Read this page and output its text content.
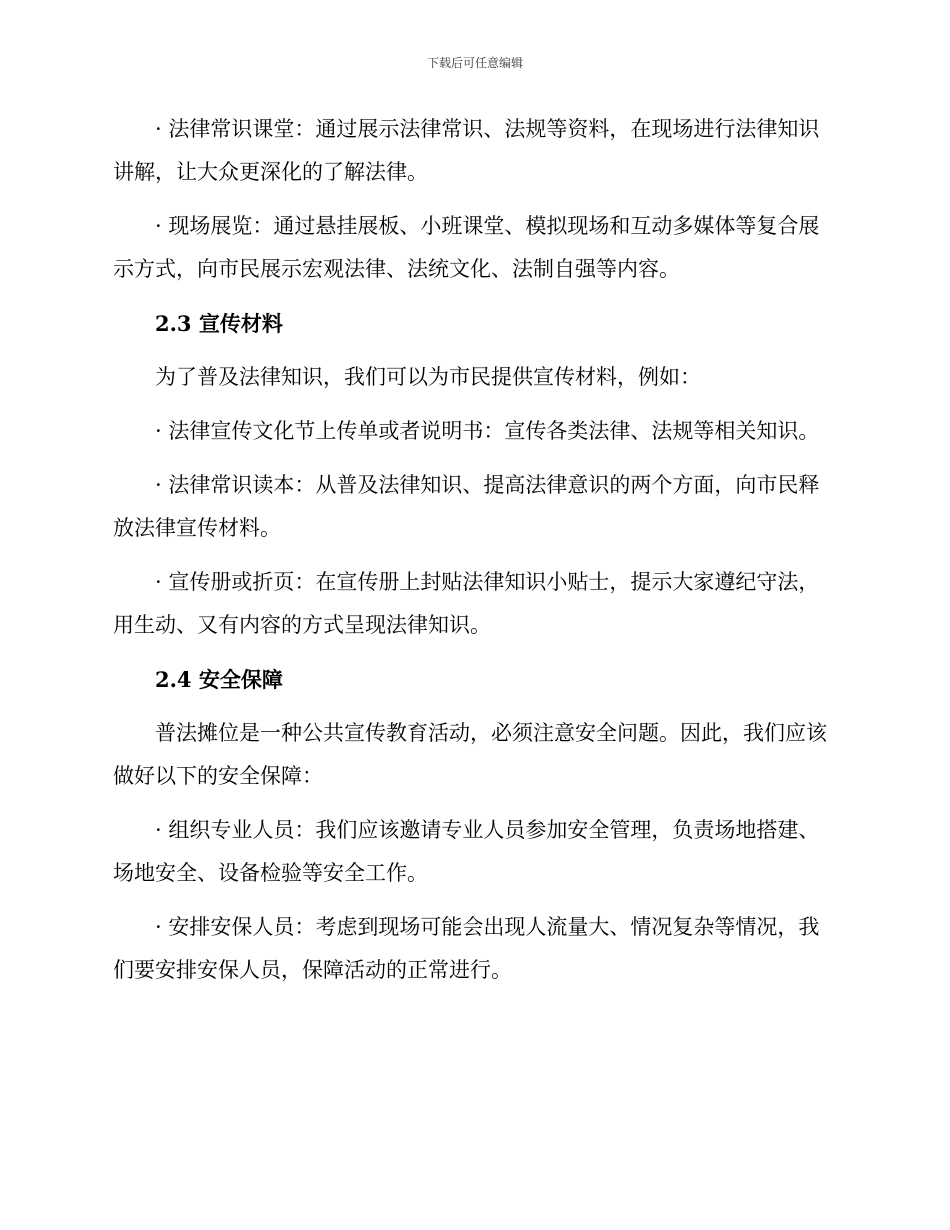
下载后可任意编辑

· 法律常识课堂：通过展示法律常识、法规等资料，在现场进行法律知识讲解，让大众更深化的了解法律。

· 现场展览：通过悬挂展板、小班课堂、模拟现场和互动多媒体等复合展示方式，向市民展示宏观法律、法统文化、法制自强等内容。

2.3 宣传材料

为了普及法律知识，我们可以为市民提供宣传材料，例如：

· 法律宣传文化节上传单或者说明书：宣传各类法律、法规等相关知识。

· 法律常识读本：从普及法律知识、提高法律意识的两个方面，向市民释放法律宣传材料。

· 宣传册或折页：在宣传册上封贴法律知识小贴士，提示大家遵纪守法，用生动、又有内容的方式呈现法律知识。

2.4 安全保障

普法摊位是一种公共宣传教育活动，必须注意安全问题。因此，我们应该做好以下的安全保障：

· 组织专业人员：我们应该邀请专业人员参加安全管理，负责场地搭建、场地安全、设备检验等安全工作。

· 安排安保人员：考虑到现场可能会出现人流量大、情况复杂等情况，我们要安排安保人员，保障活动的正常进行。
